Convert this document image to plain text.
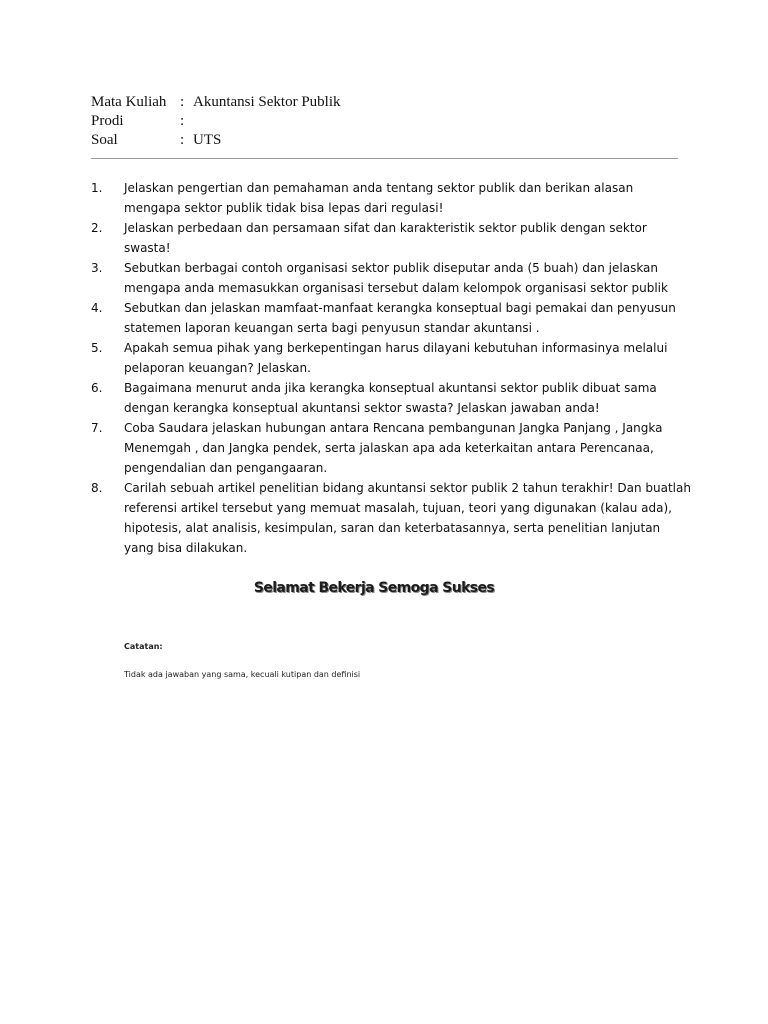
Mata Kuliah : Akuntansi Sektor Publik
Prodi	:
Soal	: UTS
1.	Jelaskan pengertian dan pemahaman anda tentang sektor publik dan berikan alasan mengapa sektor publik tidak bisa lepas dari regulasi!
2.	Jelaskan perbedaan dan persamaan sifat dan karakteristik sektor publik dengan sektor swasta!
3.	Sebutkan berbagai contoh organisasi sektor publik diseputar anda (5 buah) dan jelaskan mengapa anda memasukkan organisasi tersebut dalam kelompok organisasi sektor publik
4.	Sebutkan dan jelaskan mamfaat-manfaat kerangka konseptual bagi pemakai dan penyusun statemen laporan keuangan serta bagi penyusun standar akuntansi .
5.	Apakah semua pihak yang berkepentingan harus dilayani kebutuhan informasinya melalui pelaporan keuangan? Jelaskan.
6.	Bagaimana menurut anda jika kerangka konseptual akuntansi sektor publik dibuat sama dengan kerangka konseptual akuntansi sektor swasta? Jelaskan jawaban anda!
7.	Coba Saudara jelaskan hubungan antara Rencana pembangunan Jangka Panjang , Jangka Menemgah , dan Jangka pendek, serta jalaskan apa ada keterkaitan antara Perencanaa, pengendalian dan pengangaaran.
8.	Carilah sebuah artikel penelitian bidang akuntansi sektor publik 2 tahun terakhir! Dan buatlah referensi artikel tersebut yang memuat masalah, tujuan, teori yang digunakan (kalau ada), hipotesis, alat analisis, kesimpulan, saran dan keterbatasannya, serta penelitian lanjutan yang bisa dilakukan.
Selamat Bekerja Semoga Sukses
Catatan:
Tidak ada jawaban yang sama, kecuali kutipan dan definisi
